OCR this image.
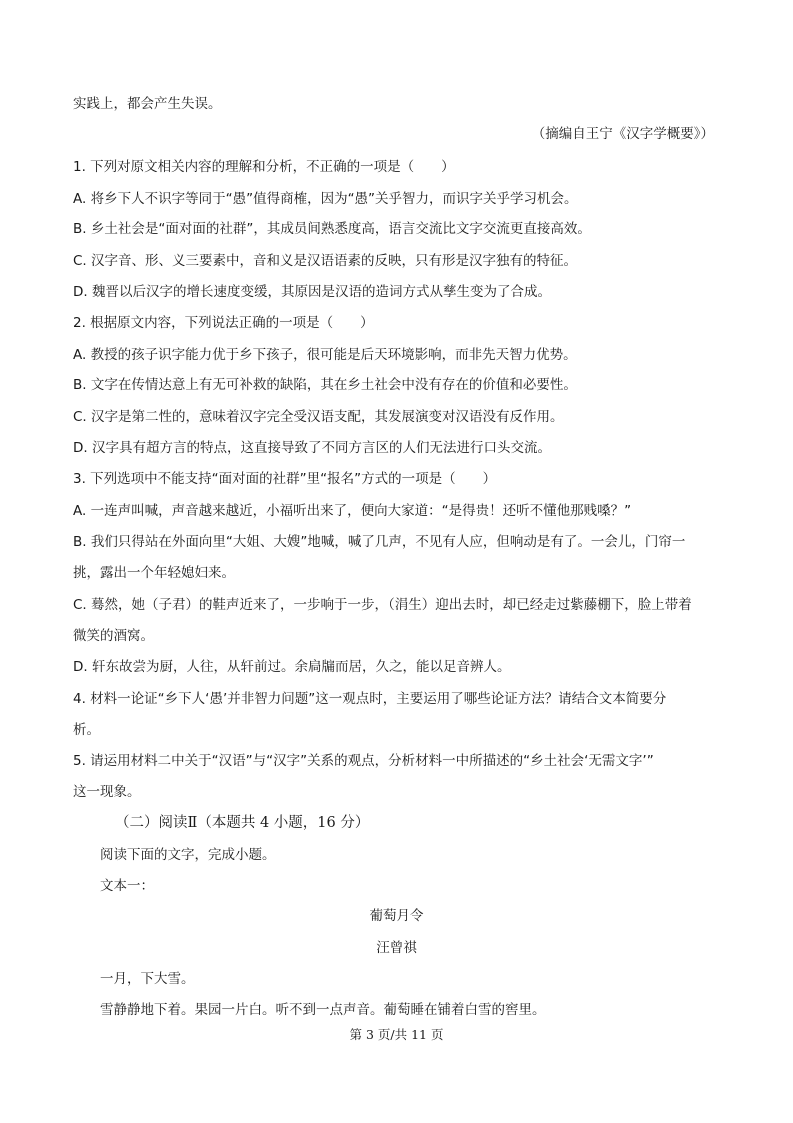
实践上，都会产生失误。
（摘编自王宁《汉字学概要》）
1. 下列对原文相关内容的理解和分析，不正确的一项是（　　）
A. 将乡下人不识字等同于“愚”值得商榷，因为“愚”关乎智力，而识字关乎学习机会。
B. 乡土社会是“面对面的社群”，其成员间熟悉度高，语言交流比文字交流更直接高效。
C. 汉字音、形、义三要素中，音和义是汉语语素的反映，只有形是汉字独有的特征。
D. 魏晋以后汉字的增长速度变缓，其原因是汉语的造词方式从孳生变为了合成。
2. 根据原文内容，下列说法正确的一项是（　　）
A. 教授的孩子识字能力优于乡下孩子，很可能是后天环境影响，而非先天智力优势。
B. 文字在传情达意上有无可补救的缺陷，其在乡土社会中没有存在的价值和必要性。
C. 汉字是第二性的，意味着汉字完全受汉语支配，其发展演变对汉语没有反作用。
D. 汉字具有超方言的特点，这直接导致了不同方言区的人们无法进行口头交流。
3. 下列选项中不能支持“面对面的社群”里“报名”方式的一项是（　　）
A. 一连声叫喊，声音越来越近，小福听出来了，便向大家道：“是得贵！还听不懂他那贱嗓？”
B. 我们只得站在外面向里“大姐、大嫂”地喊，喊了几声，不见有人应，但响动是有了。一会儿，门帘一
挑，露出一个年轻媳妇来。
C. 蓦然，她（子君）的鞋声近来了，一步响于一步，（涓生）迎出去时，却已经走过紫藤棚下，脸上带着
微笑的酒窝。
D. 轩东故尝为厨，人往，从轩前过。余扃牖而居，久之，能以足音辨人。
4. 材料一论证“乡下人‘愚’并非智力问题”这一观点时，主要运用了哪些论证方法？请结合文本简要分
析。
5. 请运用材料二中关于“汉语”与“汉字”关系的观点，分析材料一中所描述的“乡土社会‘无需文字’”
这一现象。
（二）阅读Ⅱ（本题共 4 小题，16 分）
阅读下面的文字，完成小题。
文本一：
葡萄月令
汪曾祺
一月，下大雪。
雪静静地下着。果园一片白。听不到一点声音。葡萄睡在铺着白雪的窖里。
第 3 页/共 11 页
